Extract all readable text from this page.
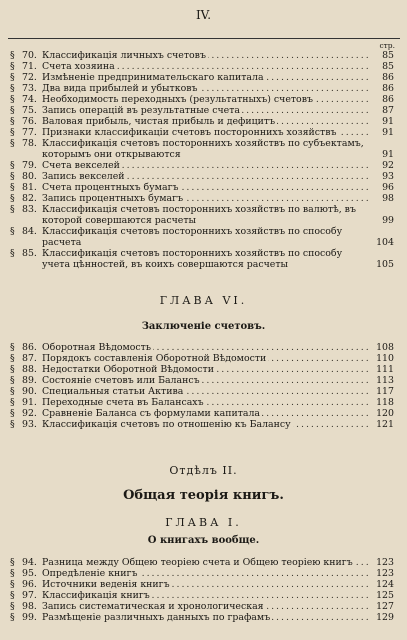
IV.
стр.
§ 70. Классификація личныхъ счетовъ .....	85
§ 71. Счета хозяина .....	85
§ 72. Измѣненіе предпринимательскаго капитала .....	86
§ 73. Два вида прибылей и убытковъ .....	86
§ 74. Необходимость переходныхъ (результатныхъ) счетовъ .....	86
§ 75. Запись операцій въ результатные счета .....	87
§ 76. Валовая прибыль, чистая прибыль и дефицитъ .....	91
§ 77. Признаки классификаціи счетовъ постороннихъ хозяйствъ .....	91
§ 78. Классификація счетовъ постороннихъ хозяйствъ по субъектамъ, которымъ они открываются	91
§ 79. Счета векселей .....	92
§ 80. Запись векселей .....	93
§ 81. Счета процентныхъ бумагъ .....	96
§ 82. Запись процентныхъ бумагъ .....	98
§ 83. Классификація счетовъ постороннихъ хозяйствъ по валютѣ, въ которой совершаются расчеты	99
§ 84. Классификація счетовъ постороннихъ хозяйствъ по способу расчета	104
§ 85. Классификація счетовъ постороннихъ хозяйствъ по способу учета цѣнностей, въ коихъ совершаются расчеты	105
ГЛАВА VI.
Заключеніе счетовъ.
§ 86. Оборотная Вѣдомость .....	108
§ 87. Порядокъ составленія Оборотной Вѣдомости .....	110
§ 88. Недостатки Оборотной Вѣдомости .....	111
§ 89. Состояніе счетовъ или Балансъ .....	113
§ 90. Специальныя статьи Актива .....	117
§ 91. Переходные счета въ Балансахъ .....	118
§ 92. Сравненіе Баланса съ формулами капитала .....	120
§ 93. Классификація счетовъ по отношенію къ Балансу .....	121
Отдѣлъ II.
Общая теорія книгъ.
ГЛАВА I.
О книгахъ вообще.
§ 94. Разница между Общею теоріею счета и Общею теоріею книгъ .....	123
§ 95. Опредѣленіе книгъ .....	123
§ 96. Источники веденія книгъ .....	124
§ 97. Классификація книгъ .....	125
§ 98. Запись систематическая и хронологическая .....	127
§ 99. Размѣщеніе различныхъ данныхъ по графамъ .....	129
